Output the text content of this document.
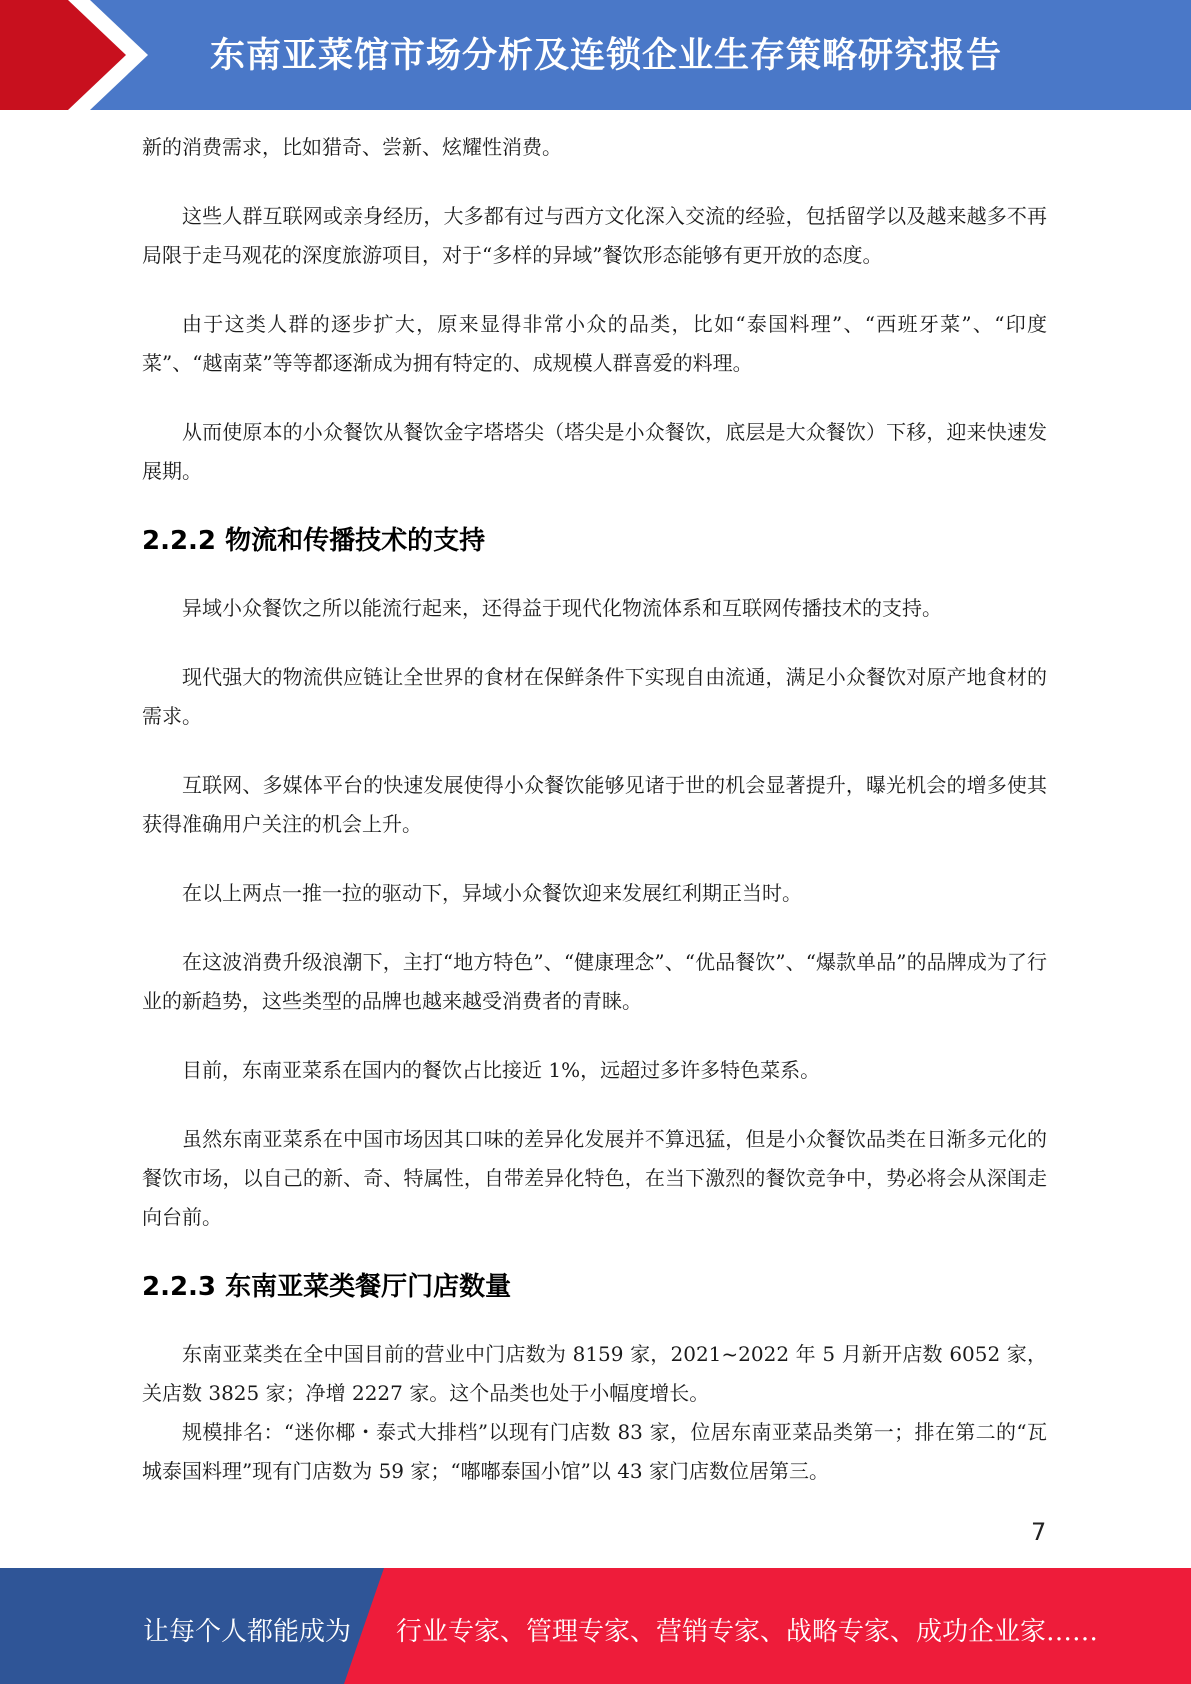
东南亚菜馆市场分析及连锁企业生存策略研究报告

新的消费需求，比如猎奇、尝新、炫耀性消费。

这些人群互联网或亲身经历，大多都有过与西方文化深入交流的经验，包括留学以及越来越多不再局限于走马观花的深度旅游项目，对于“多样的异域”餐饮形态能够有更开放的态度。

由于这类人群的逐步扩大，原来显得非常小众的品类，比如“泰国料理”、“西班牙菜”、“印度菜”、“越南菜”等等都逐渐成为拥有特定的、成规模人群喜爱的料理。

从而使原本的小众餐饮从餐饮金字塔塔尖（塔尖是小众餐饮，底层是大众餐饮）下移，迎来快速发展期。

2.2.2 物流和传播技术的支持

异域小众餐饮之所以能流行起来，还得益于现代化物流体系和互联网传播技术的支持。

现代强大的物流供应链让全世界的食材在保鲜条件下实现自由流通，满足小众餐饮对原产地食材的需求。

互联网、多媒体平台的快速发展使得小众餐饮能够见诸于世的机会显著提升，曝光机会的增多使其获得准确用户关注的机会上升。

在以上两点一推一拉的驱动下，异域小众餐饮迎来发展红利期正当时。

在这波消费升级浪潮下，主打“地方特色”、“健康理念”、“优品餐饮”、“爆款单品”的品牌成为了行业的新趋势，这些类型的品牌也越来越受消费者的青睐。

目前，东南亚菜系在国内的餐饮占比接近 1%，远超过多许多特色菜系。

虽然东南亚菜系在中国市场因其口味的差异化发展并不算迅猛，但是小众餐饮品类在日渐多元化的餐饮市场，以自己的新、奇、特属性，自带差异化特色，在当下激烈的餐饮竞争中，势必将会从深闺走向台前。

2.2.3 东南亚菜类餐厅门店数量

东南亚菜类在全中国目前的营业中门店数为 8159 家，2021~2022 年 5 月新开店数 6052 家，关店数 3825 家；净增 2227 家。这个品类也处于小幅度增长。

规模排名：“迷你椰・泰式大排档”以现有门店数 83 家，位居东南亚菜品类第一；排在第二的“瓦城泰国料理”现有门店数为 59 家；“嘟嘟泰国小馆”以 43 家门店数位居第三。

7
让每个人都能成为 行业专家、管理专家、营销专家、战略专家、成功企业家……
